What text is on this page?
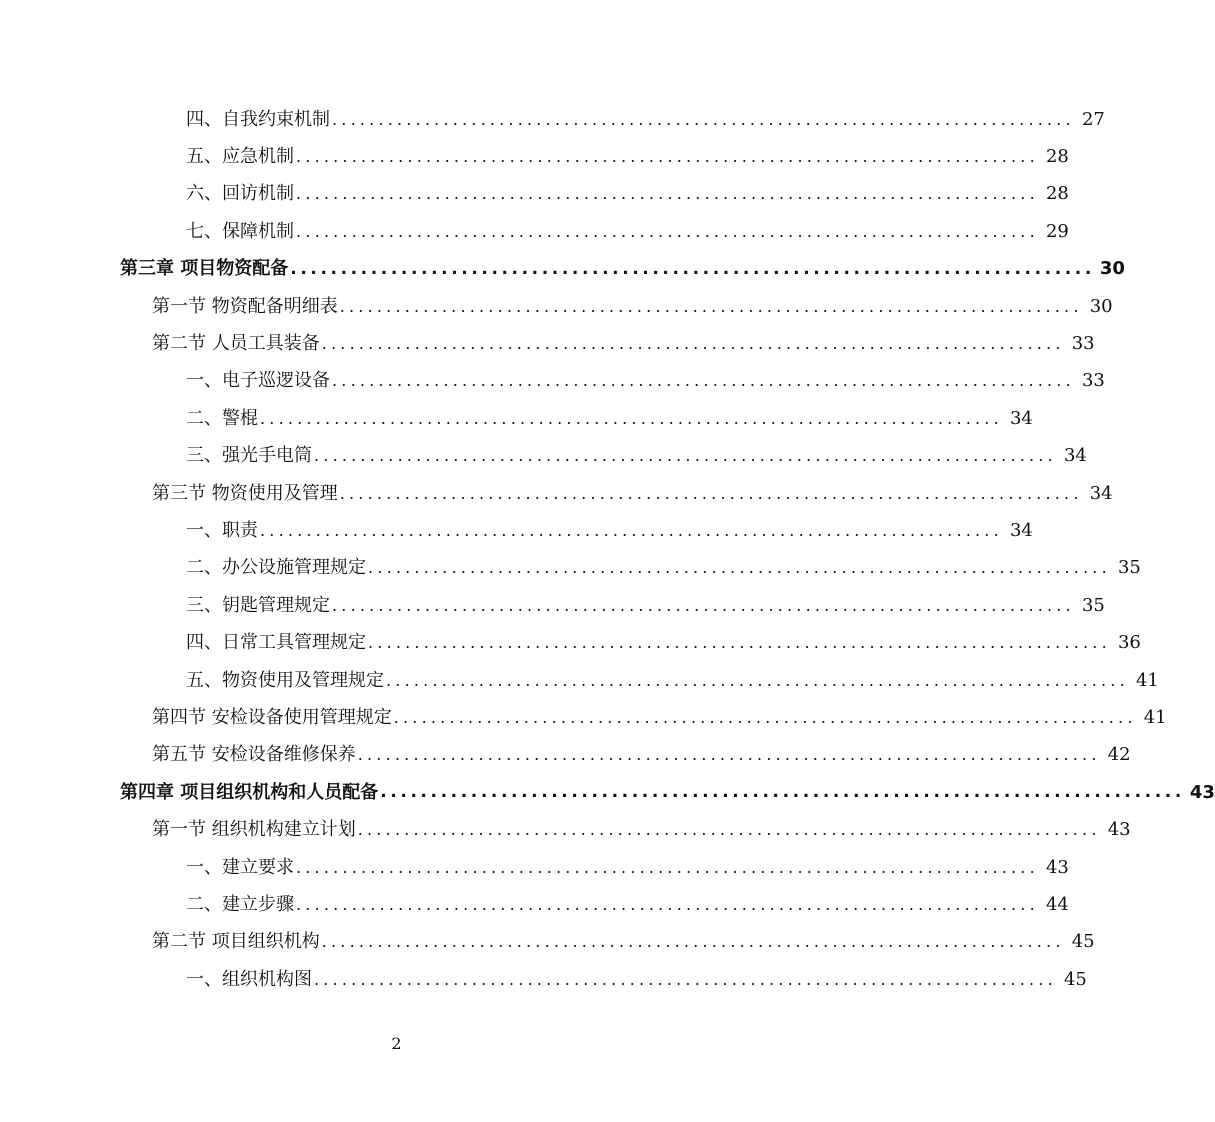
四、自我约束机制 ................................................................................ 27
五、应急机制 ................................................................................ 28
六、回访机制 ................................................................................ 28
七、保障机制 ................................................................................ 29
第三章 项目物资配备 ................................................................................ 30
第一节 物资配备明细表 ................................................................................ 30
第二节 人员工具装备 ................................................................................ 33
一、电子巡逻设备 ................................................................................ 33
二、警棍 ................................................................................ 34
三、强光手电筒 ................................................................................ 34
第三节 物资使用及管理 ................................................................................ 34
一、职责 ................................................................................ 34
二、办公设施管理规定 ................................................................................ 35
三、钥匙管理规定 ................................................................................ 35
四、日常工具管理规定 ................................................................................ 36
五、物资使用及管理规定 ................................................................................ 41
第四节 安检设备使用管理规定 ................................................................................ 41
第五节 安检设备维修保养 ................................................................................ 42
第四章 项目组织机构和人员配备 ................................................................................ 43
第一节 组织机构建立计划 ................................................................................ 43
一、建立要求 ................................................................................ 43
二、建立步骤 ................................................................................ 44
第二节 项目组织机构 ................................................................................ 45
一、组织机构图 ................................................................................ 45
2
